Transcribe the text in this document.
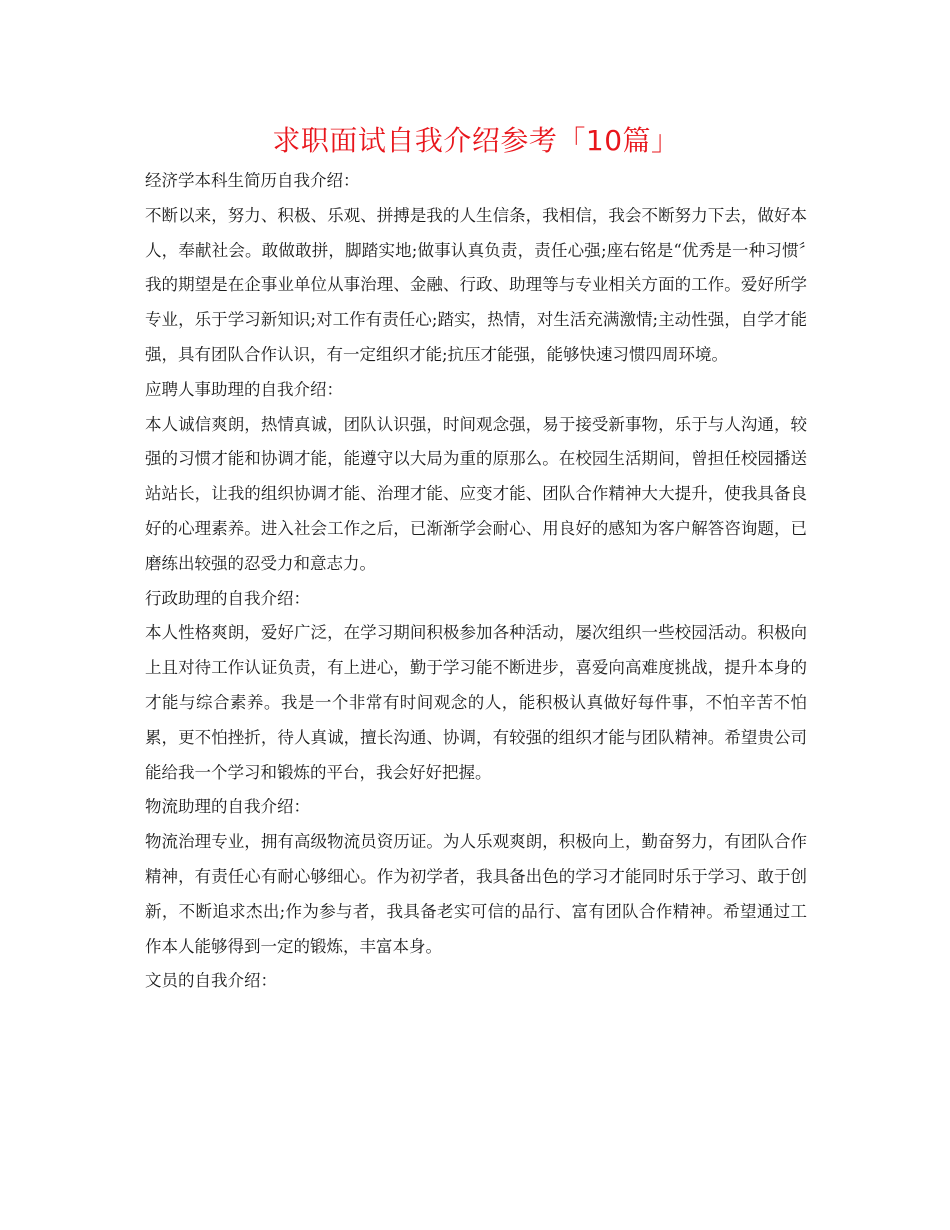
求职面试自我介绍参考「10篇」

经济学本科生简历自我介绍：

不断以来，努力、积极、乐观、拼搏是我的人生信条，我相信，我会不断努力下去，做好本人，奉献社会。敢做敢拼，脚踏实地;做事认真负责，责任心强;座右铭是“优秀是一种习惯〞我的期望是在企事业单位从事治理、金融、行政、助理等与专业相关方面的工作。爱好所学专业，乐于学习新知识;对工作有责任心;踏实，热情，对生活充满激情;主动性强，自学才能强，具有团队合作认识，有一定组织才能;抗压才能强，能够快速习惯四周环境。

应聘人事助理的自我介绍：

本人诚信爽朗，热情真诚，团队认识强，时间观念强，易于接受新事物，乐于与人沟通，较强的习惯才能和协调才能，能遵守以大局为重的原那么。在校园生活期间，曾担任校园播送站站长，让我的组织协调才能、治理才能、应变才能、团队合作精神大大提升，使我具备良好的心理素养。进入社会工作之后，已渐渐学会耐心、用良好的感知为客户解答咨询题，已磨练出较强的忍受力和意志力。

行政助理的自我介绍：

本人性格爽朗，爱好广泛，在学习期间积极参加各种活动，屡次组织一些校园活动。积极向上且对待工作认证负责，有上进心，勤于学习能不断进步，喜爱向高难度挑战，提升本身的才能与综合素养。我是一个非常有时间观念的人，能积极认真做好每件事，不怕辛苦不怕累，更不怕挫折，待人真诚，擅长沟通、协调，有较强的组织才能与团队精神。希望贵公司能给我一个学习和锻炼的平台，我会好好把握。

物流助理的自我介绍：

物流治理专业，拥有高级物流员资历证。为人乐观爽朗，积极向上，勤奋努力，有团队合作精神，有责任心有耐心够细心。作为初学者，我具备出色的学习才能同时乐于学习、敢于创新，不断追求杰出;作为参与者，我具备老实可信的品行、富有团队合作精神。希望通过工作本人能够得到一定的锻炼，丰富本身。

文员的自我介绍：
